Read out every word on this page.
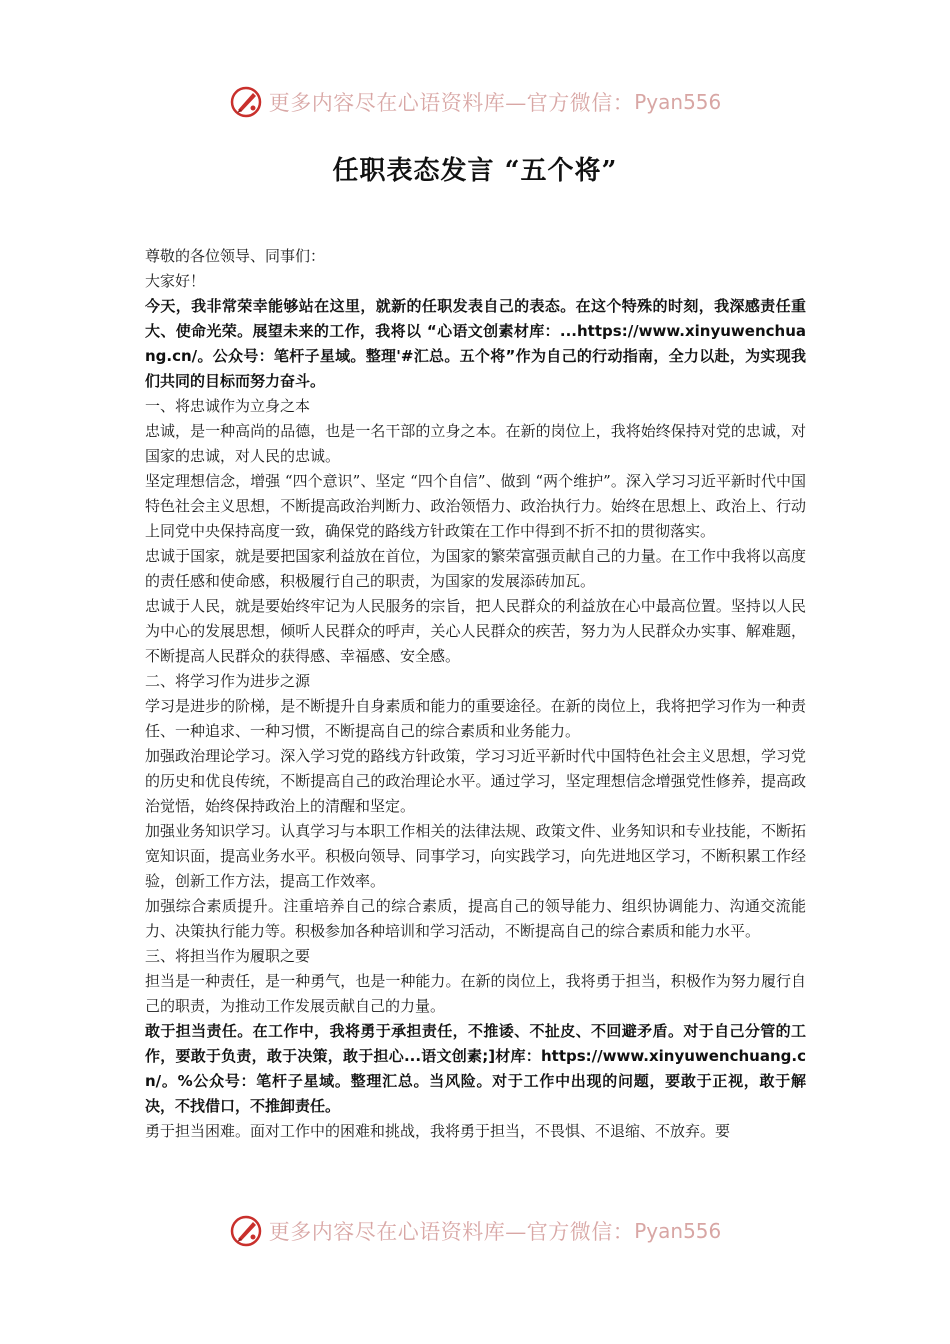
更多内容尽在心语资料库—官方微信： Pyan556
任职表态发言 “五个将”

尊敬的各位领导、同事们：

大家好！

今天，我非常荣幸能够站在这里，就新的任职发表自己的表态。在这个特殊的时刻，我深感责任重大、使命光荣。展望未来的工作，我将以 “心语文创素材库：...https://www.xinyuwenchuang.cn/。公众号：笔杆子星域。整理'#汇总。五个将”作为自己的行动指南，全力以赴，为实现我们共同的目标而努力奋斗。

一、将忠诚作为立身之本

忠诚，是一种高尚的品德，也是一名干部的立身之本。在新的岗位上，我将始终保持对党的忠诚，对国家的忠诚，对人民的忠诚。

坚定理想信念，增强 “四个意识”、坚定 “四个自信”、做到 “两个维护”。深入学习习近平新时代中国特色社会主义思想，不断提高政治判断力、政治领悟力、政治执行力。始终在思想上、政治上、行动上同党中央保持高度一致，确保党的路线方针政策在工作中得到不折不扣的贯彻落实。

忠诚于国家，就是要把国家利益放在首位，为国家的繁荣富强贡献自己的力量。在工作中我将以高度的责任感和使命感，积极履行自己的职责，为国家的发展添砖加瓦。

忠诚于人民，就是要始终牢记为人民服务的宗旨，把人民群众的利益放在心中最高位置。坚持以人民为中心的发展思想，倾听人民群众的呼声，关心人民群众的疾苦，努力为人民群众办实事、解难题，不断提高人民群众的获得感、幸福感、安全感。

二、将学习作为进步之源

学习是进步的阶梯，是不断提升自身素质和能力的重要途径。在新的岗位上，我将把学习作为一种责任、一种追求、一种习惯，不断提高自己的综合素质和业务能力。

加强政治理论学习。深入学习党的路线方针政策，学习习近平新时代中国特色社会主义思想，学习党的历史和优良传统，不断提高自己的政治理论水平。通过学习，坚定理想信念增强党性修养，提高政治觉悟，始终保持政治上的清醒和坚定。

加强业务知识学习。认真学习与本职工作相关的法律法规、政策文件、业务知识和专业技能，不断拓宽知识面，提高业务水平。积极向领导、同事学习，向实践学习，向先进地区学习，不断积累工作经验，创新工作方法，提高工作效率。

加强综合素质提升。注重培养自己的综合素质，提高自己的领导能力、组织协调能力、沟通交流能力、决策执行能力等。积极参加各种培训和学习活动，不断提高自己的综合素质和能力水平。

三、将担当作为履职之要

担当是一种责任，是一种勇气，也是一种能力。在新的岗位上，我将勇于担当，积极作为努力履行自己的职责，为推动工作发展贡献自己的力量。

敢于担当责任。在工作中，我将勇于承担责任，不推诿、不扯皮、不回避矛盾。对于自己分管的工作，要敢于负责，敢于决策，敢于担心...语文创素;]材库：https://www.xinyuwenchuang.cn/。%公众号：笔杆子星域。整理汇总。当风险。对于工作中出现的问题，要敢于正视，敢于解决，不找借口，不推卸责任。

勇于担当困难。面对工作中的困难和挑战，我将勇于担当，不畏惧、不退缩、不放弃。要

更多内容尽在心语资料库—官方微信： Pyan556
